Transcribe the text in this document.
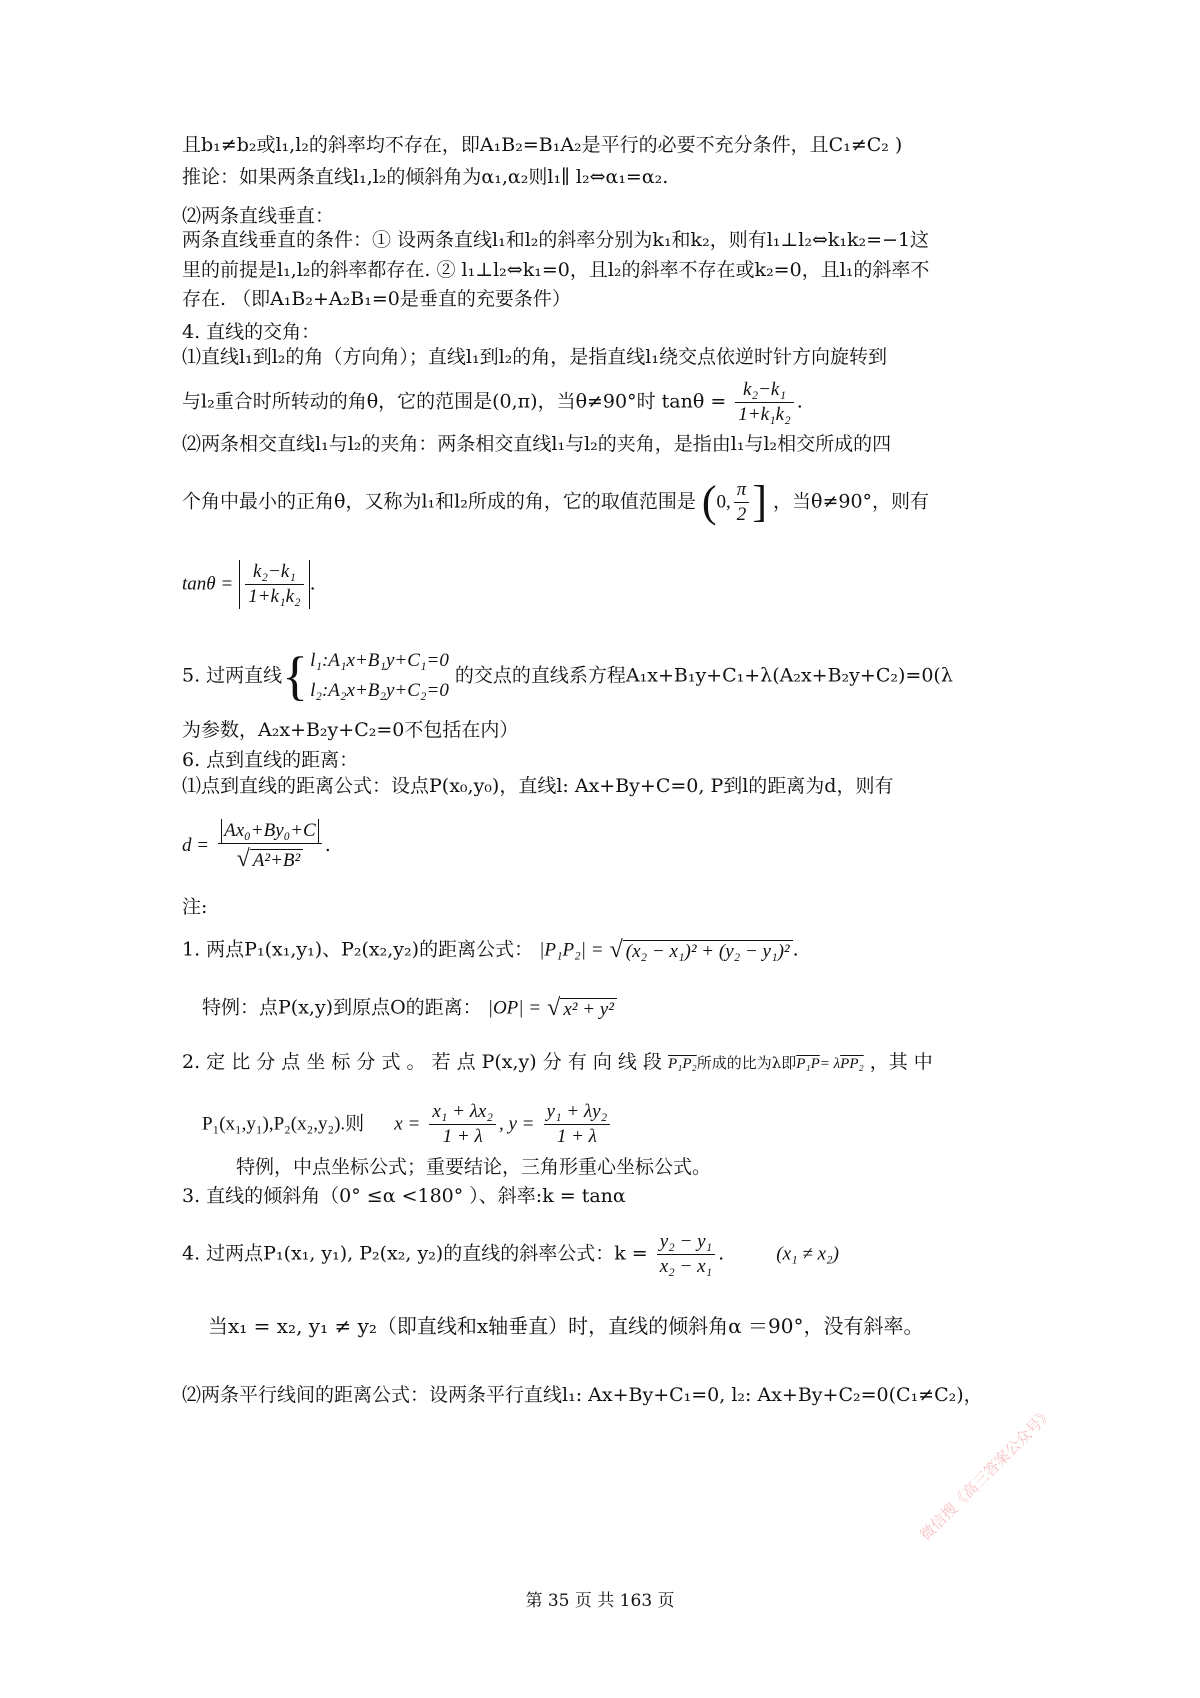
且b₁≠b₂或l₁,l₂的斜率均不存在，即A₁B₂=B₁A₂是平行的必要不充分条件，且C₁≠C₂ )
推论：如果两条直线l₁,l₂的倾斜角为α₁,α₂则l₁∥ l₂⇔α₁=α₂.
⑵两条直线垂直：
两条直线垂直的条件：① 设两条直线l₁和l₂的斜率分别为k₁和k₂，则有l₁⊥l₂⇔k₁k₂=−1这
里的前提是l₁,l₂的斜率都存在. ② l₁⊥l₂⇔k₁=0，且l₂的斜率不存在或k₂=0，且l₁的斜率不
存在. （即A₁B₂+A₂B₁=0是垂直的充要条件）
4. 直线的交角：
⑴直线l₁到l₂的角（方向角）；直线l₁到l₂的角，是指直线l₁绕交点依逆时针方向旋转到
与l₂重合时所转动的角θ，它的范围是(0,π)，当θ≠90°时 $\tan\theta = \frac{\text{k₂−k₁}}{\text{1+k₁k₂}}$ .
⑵两条相交直线l₁与l₂的夹角：两条相交直线l₁与l₂的夹角，是指由l₁与l₂相交所成的四
个角中最小的正角θ，又称为l₁和l₂所成的角，它的取值范围是 (0, $\frac{\pi}{2}$ ] ，当θ≠90°，则有
$\tan\theta = \frac{\text{k₂−k₁}}{\text{1+k₁k₂}}$ .
5. 过两直线{ l₁:A₁x+B₁y+C₁=0
l₂:A₂x+B₂y+C₂=0
的交点的直线系方程A₁x+B₁y+C₁+λ(A₂x+B₂y+C₂)=0(λ
为参数，A₂x+B₂y+C₂=0不包括在内）
6. 点到直线的距离：
⑴点到直线的距离公式：设点P(x₀,y₀)，直线l: Ax+By+C=0, P到l的距离为d，则有
$d = \frac{\text{Ax₀+By₀+C}}{\text{√ A²+B²}}$ .
注:
1. 两点P₁(x₁,y₁)、P₂(x₂,y₂)的距离公式： |P₁P₂| = √ (x₂ − x₁)² + (y₂ − y₁)² .
特例：点P(x,y)到原点O的距离： |OP| = √ x² + y²
2. 定 比 分 点 坐 标 分 式 。 若 点 P(x,y) 分 有 向 线 段 P₁P₂所成的比为λ即P₁P= λPP₂ ，其 中
P₁(x₁,y₁),P₂(x₂,y₂).则 $x = \frac{\text{x₁ + λx₂}}{1 + \lambda}$ , $y = \frac{\text{y₁ + λy₂}}{1 + \lambda}$
特例，中点坐标公式；重要结论，三角形重心坐标公式。
3. 直线的倾斜角（0° ≤α <180° ）、斜率:k = tanα
4. 过两点P₁(x₁, y₁), P₂(x₂, y₂)的直线的斜率公式：$k = \frac{\text{y₂ − y₁}}{\text{x₂ − x₁}}$ .  (x₁ ≠ x₂)
当x₁ = x₂, y₁ ≠ y₂（即直线和x轴垂直）时，直线的倾斜角α ＝90°，没有斜率。
⑵两条平行线间的距离公式：设两条平行直线l₁: Ax+By+C₁=0, l₂: Ax+By+C₂=0(C₁≠C₂)，
第 35 页 共 163 页
微信搜《高三答案公众号》
